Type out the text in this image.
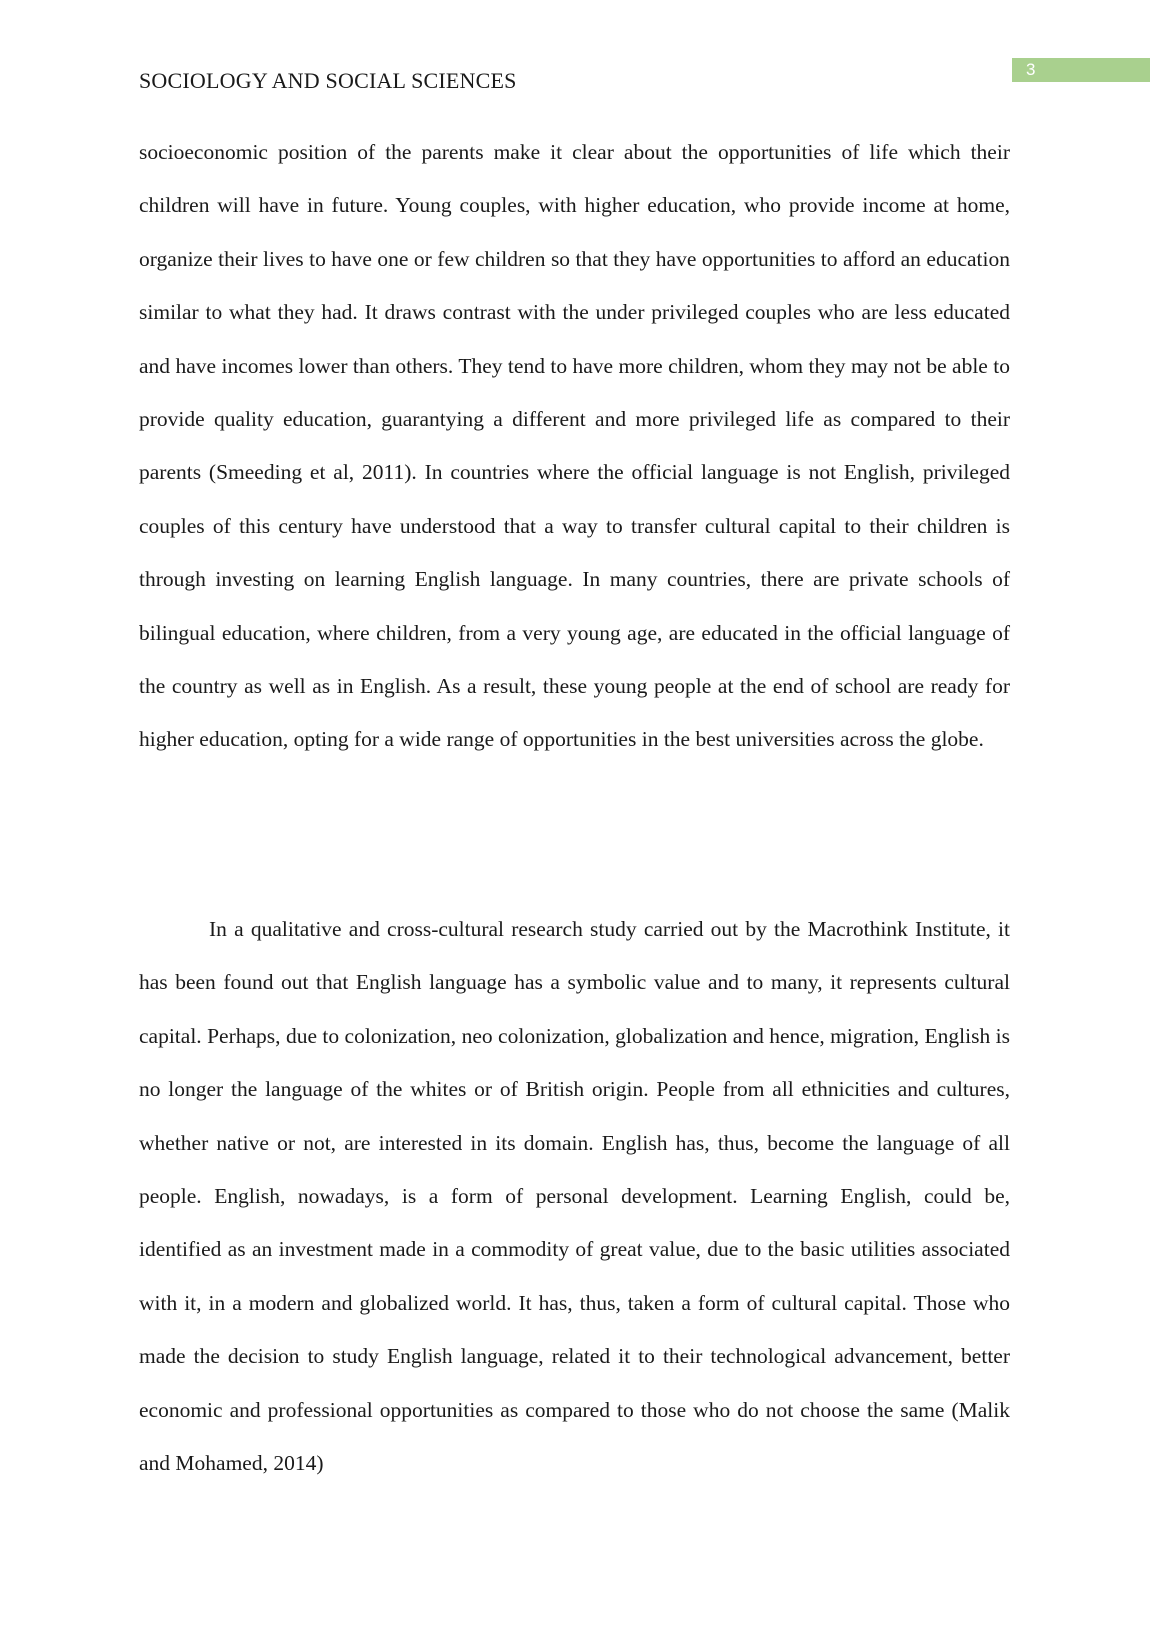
3
SOCIOLOGY AND SOCIAL SCIENCES

socioeconomic position of the parents make it clear about the opportunities of life which their children will have in future. Young couples, with higher education, who provide income at home, organize their lives to have one or few children so that they have opportunities to afford an education similar to what they had. It draws contrast with the under privileged couples who are less educated and have incomes lower than others. They tend to have more children, whom they may not be able to provide quality education, guarantying a different and more privileged life as compared to their parents (Smeeding et al, 2011). In countries where the official language is not English, privileged couples of this century have understood that a way to transfer cultural capital to their children is through investing on learning English language. In many countries, there are private schools of bilingual education, where children, from a very young age, are educated in the official language of the country as well as in English. As a result, these young people at the end of school are ready for higher education, opting for a wide range of opportunities in the best universities across the globe.

In a qualitative and cross-cultural research study carried out by the Macrothink Institute, it has been found out that English language has a symbolic value and to many, it represents cultural capital. Perhaps, due to colonization, neo colonization, globalization and hence, migration, English is no longer the language of the whites or of British origin. People from all ethnicities and cultures, whether native or not, are interested in its domain. English has, thus, become the language of all people. English, nowadays, is a form of personal development. Learning English, could be, identified as an investment made in a commodity of great value, due to the basic utilities associated with it, in a modern and globalized world. It has, thus, taken a form of cultural capital. Those who made the decision to study English language, related it to their technological advancement, better economic and professional opportunities as compared to those who do not choose the same (Malik and Mohamed, 2014)
